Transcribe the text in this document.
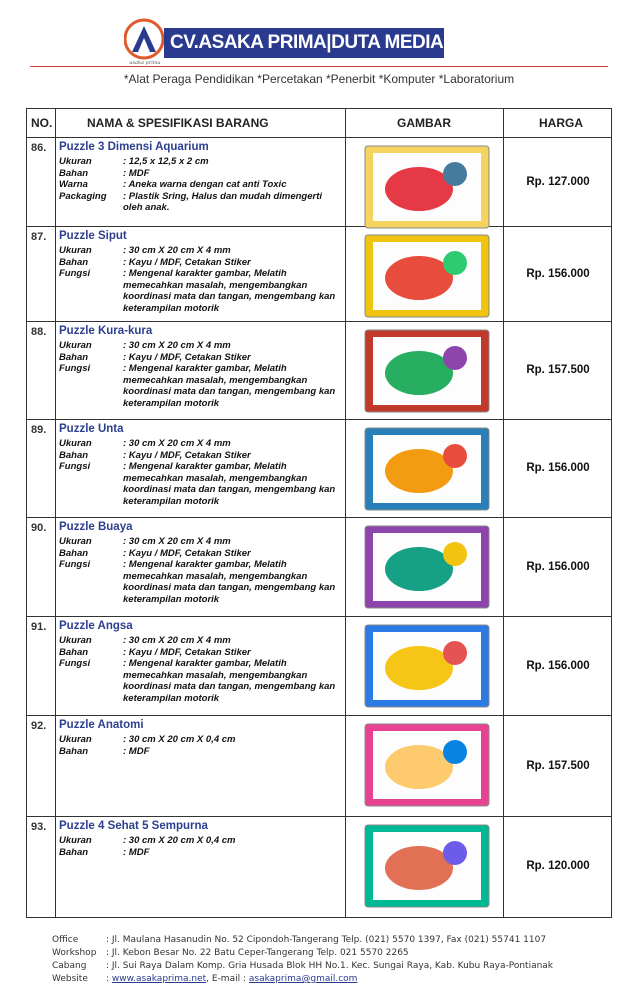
CV.ASAKA PRIMA|DUTA MEDIA GROUP
asaka prima
*Alat Peraga Pendidikan *Percetakan *Penerbit *Komputer *Laboratorium
NO.	NAMA & SPESIFIKASI BARANG	GAMBAR	HARGA
86. Puzzle 3 Dimensi Aquarium
Ukuran	: 12,5 x 12,5 x 2 cm
Bahan	: MDF
Warna	: Aneka warna dengan cat anti Toxic
Packaging : Plastik Sring, Halus dan mudah dimengerti oleh anak.
Rp. 127.000
87. Puzzle Siput
Ukuran	: 30 cm X 20 cm X 4 mm
Bahan	: Kayu / MDF, Cetakan Stiker
Fungsi	: Mengenal karakter gambar, Melatih memecahkan masalah, mengembangkan koordinasi mata dan tangan, mengembang kan keterampilan motorik
Rp. 156.000
88. Puzzle Kura-kura
Ukuran	: 30 cm X 20 cm X 4 mm
Bahan	: Kayu / MDF, Cetakan Stiker
Fungsi	: Mengenal karakter gambar, Melatih memecahkan masalah, mengembangkan koordinasi mata dan tangan, mengembang kan keterampilan motorik
Rp. 157.500
89. Puzzle Unta
Ukuran	: 30 cm X 20 cm X 4 mm
Bahan	: Kayu / MDF, Cetakan Stiker
Fungsi	: Mengenal karakter gambar, Melatih memecahkan masalah, mengembangkan koordinasi mata dan tangan, mengembang kan keterampilan motorik
Rp. 156.000
90. Puzzle Buaya
Ukuran	: 30 cm X 20 cm X 4 mm
Bahan	: Kayu / MDF, Cetakan Stiker
Fungsi	: Mengenal karakter gambar, Melatih memecahkan masalah, mengembangkan koordinasi mata dan tangan, mengembang kan keterampilan motorik
Rp. 156.000
91. Puzzle Angsa
Ukuran	: 30 cm X 20 cm X 4 mm
Bahan	: Kayu / MDF, Cetakan Stiker
Fungsi	: Mengenal karakter gambar, Melatih memecahkan masalah, mengembangkan koordinasi mata dan tangan, mengembang kan keterampilan motorik
Rp. 156.000
92. Puzzle Anatomi
Ukuran	: 30 cm X 20 cm X 0,4 cm
Bahan	: MDF
Rp. 157.500
93. Puzzle 4 Sehat 5 Sempurna
Ukuran	: 30 cm X 20 cm X 0,4 cm
Bahan	: MDF
Rp. 120.000
Office	: Jl. Maulana Hasanudin No. 52 Cipondoh-Tangerang Telp. (021) 5570 1397, Fax (021) 55741 1107
Workshop : Jl. Kebon Besar No. 22 Batu Ceper-Tangerang Telp. 021 5570 2265
Cabang : Jl. Sui Raya Dalam Komp. Gria Husada Blok HH No.1. Kec. Sungai Raya, Kab. Kubu Raya-Pontianak
Website : www.asakaprima.net, E-mail : asakaprima@gmail.com
